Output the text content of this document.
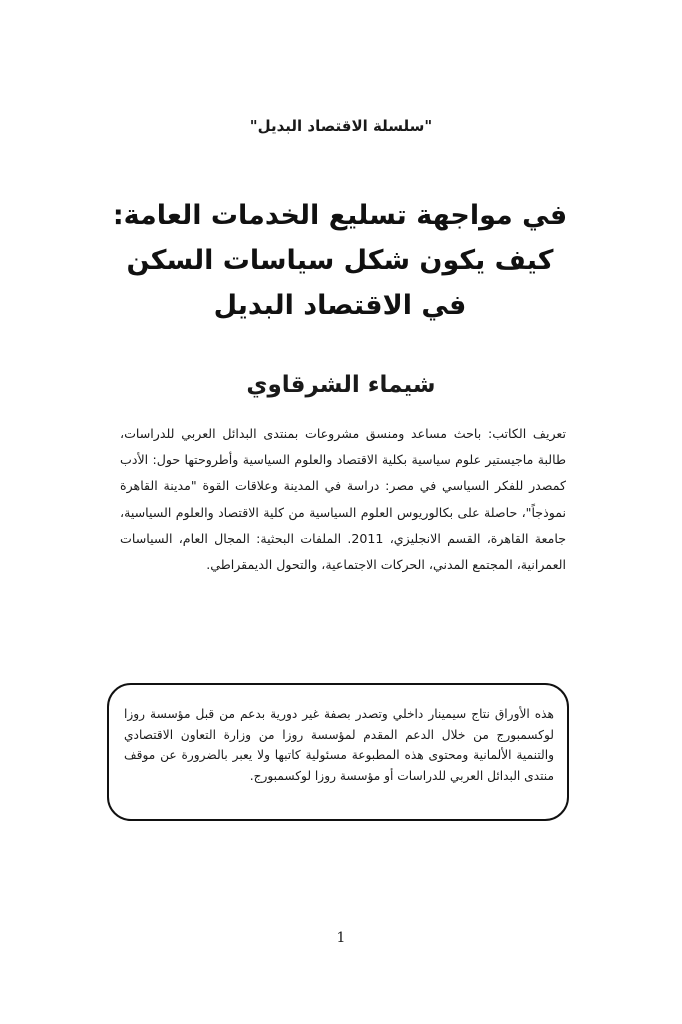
"سلسلة الاقتصاد البديل"
في مواجهة تسليع الخدمات العامة:
كيف يكون شكل سياسات السكن
في الاقتصاد البديل
شيماء الشرقاوي
تعريف الكاتب: باحث مساعد ومنسق مشروعات بمنتدى البدائل العربي للدراسات، طالبة ماجيستير علوم سياسية بكلية الاقتصاد والعلوم السياسية وأطروحتها حول: الأدب كمصدر للفكر السياسي في مصر: دراسة في المدينة وعلاقات القوة "مدينة القاهرة نموذجاً"، حاصلة على بكالوريوس العلوم السياسية من كلية الاقتصاد والعلوم السياسية، جامعة القاهرة، القسم الانجليزي، 2011. الملفات البحثية: المجال العام، السياسات العمرانية، المجتمع المدني، الحركات الاجتماعية، والتحول الديمقراطي.
هذه الأوراق نتاج سيمينار داخلي وتصدر بصفة غير دورية بدعم من قبل مؤسسة روزا لوكسمبورج من خلال الدعم المقدم لمؤسسة روزا من وزارة التعاون الاقتصادي والتنمية الألمانية ومحتوى هذه المطبوعة مسئولية كاتبها ولا يعبر بالضرورة عن موقف منتدى البدائل العربي للدراسات أو مؤسسة روزا لوكسمبورج.
1
